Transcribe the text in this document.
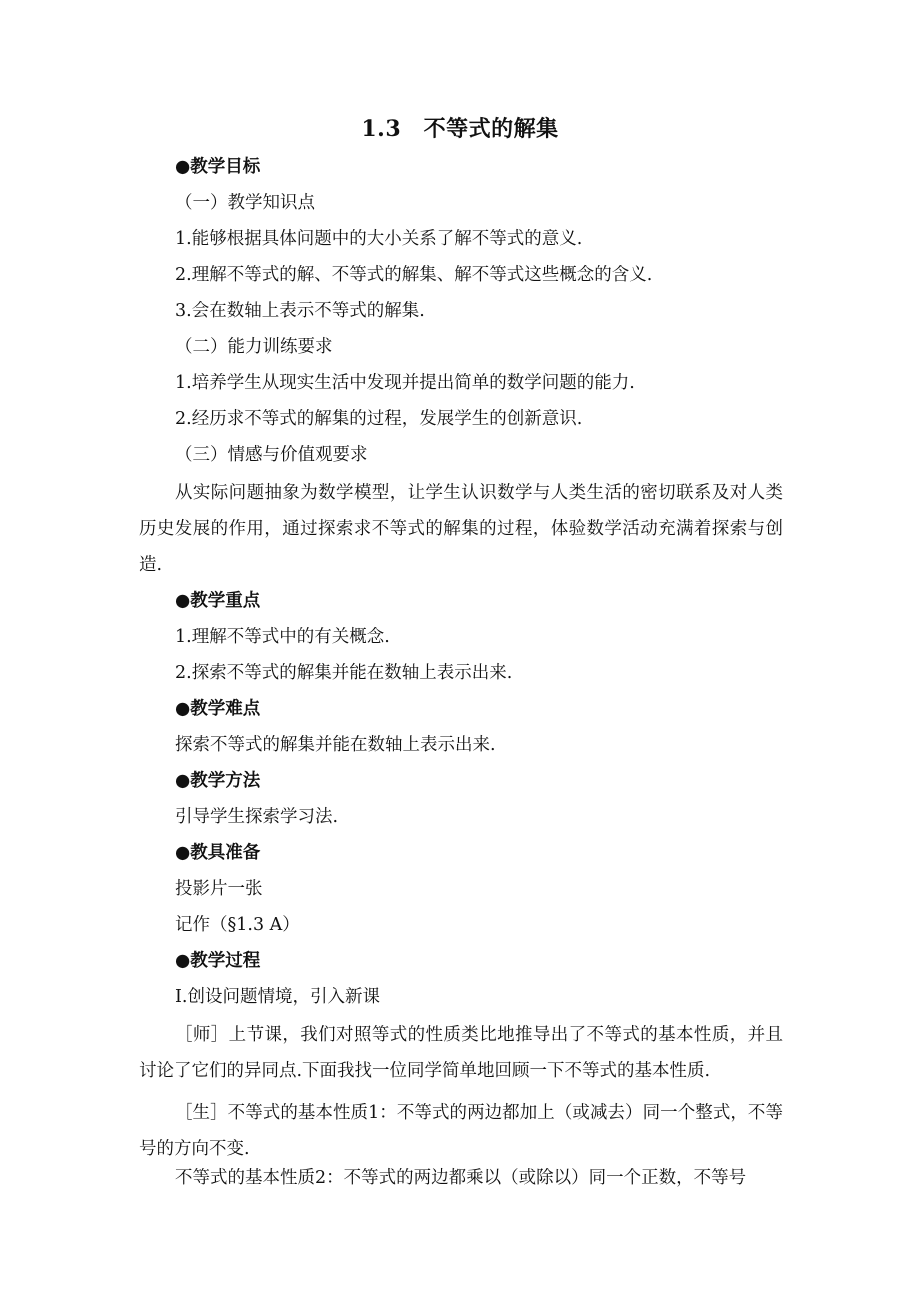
1.3　不等式的解集
●教学目标
（一）教学知识点
1.能够根据具体问题中的大小关系了解不等式的意义.
2.理解不等式的解、不等式的解集、解不等式这些概念的含义.
3.会在数轴上表示不等式的解集.
（二）能力训练要求
1.培养学生从现实生活中发现并提出简单的数学问题的能力.
2.经历求不等式的解集的过程，发展学生的创新意识.
（三）情感与价值观要求
从实际问题抽象为数学模型，让学生认识数学与人类生活的密切联系及对人类历史发展的作用，通过探索求不等式的解集的过程，体验数学活动充满着探索与创造.
●教学重点
1.理解不等式中的有关概念.
2.探索不等式的解集并能在数轴上表示出来.
●教学难点
探索不等式的解集并能在数轴上表示出来.
●教学方法
引导学生探索学习法.
●教具准备
投影片一张
记作（§1.3 A）
●教学过程
Ⅰ.创设问题情境，引入新课
［师］上节课，我们对照等式的性质类比地推导出了不等式的基本性质，并且讨论了它们的异同点.下面我找一位同学简单地回顾一下不等式的基本性质.
［生］不等式的基本性质1：不等式的两边都加上（或减去）同一个整式，不等号的方向不变.
不等式的基本性质2：不等式的两边都乘以（或除以）同一个正数，不等号
